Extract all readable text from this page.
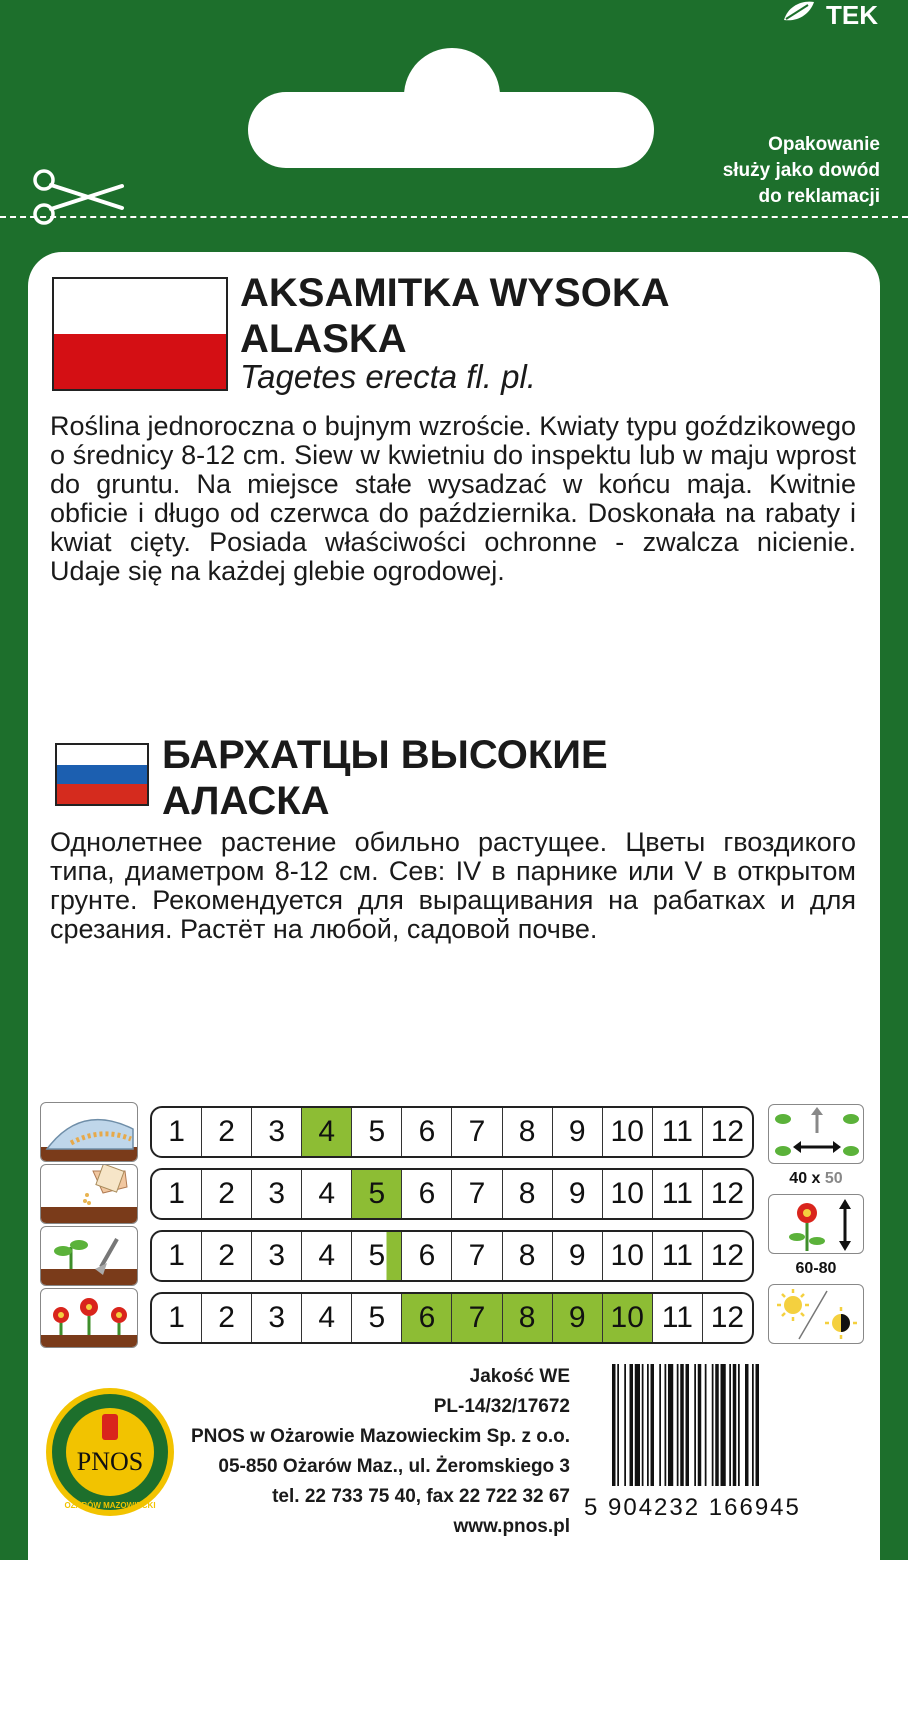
TEK
Opakowanie
służy jako dowód
do reklamacji
AKSAMITKA WYSOKA
ALASKA
Tagetes erecta fl. pl.
Roślina jednoroczna o bujnym wzroście. Kwiaty typu goździkowego o średnicy 8-12 cm. Siew w kwietniu do inspektu lub w maju wprost do gruntu. Na miejsce stałe wysadzać w końcu maja. Kwitnie obficie i długo od czerwca do października. Doskonała na rabaty i kwiat cięty. Posiada właściwości ochronne - zwalcza nicienie. Udaje się na każdej glebie ogrodowej.
БАРХАТЦЫ ВЫСОКИЕ
АЛАСКА
Однолетнее растение обильно растущее. Цветы гвоздикого типа, диаметром 8-12 см. Сев: IV в парнике или V в открытом грунте. Рекомендуется для выращивания на рабатках и для срезания. Растёт на любой, садовой почве.
1 2 3 4 5 6 7 8 9 10 11 12
1 2 3 4 5 6 7 8 9 10 11 12
1 2 3 4 5 6 7 8 9 10 11 12
1 2 3 4 5 6 7 8 9 10 11 12
40 x 50
60-80
PNOS
OŻARÓW MAZOWIECKI
Jakość WE
PL-14/32/17672
PNOS w Ożarowie Mazowieckim Sp. z o.o.
05-850 Ożarów Maz., ul. Żeromskiego 3
tel. 22 733 75 40, fax 22 722 32 67
www.pnos.pl
5 904232 166945
